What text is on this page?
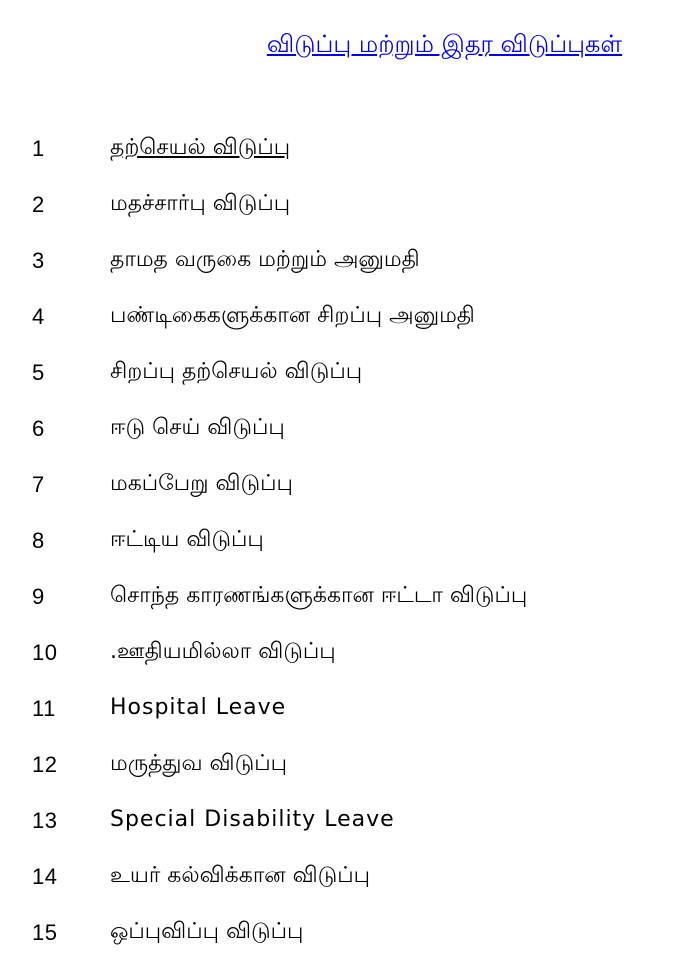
விடுப்பு மற்றும் இதர விடுப்புகள்
1	தற்செயல் விடுப்பு
2	மதச்சார்பு விடுப்பு
3	தாமத வருகை மற்றும் அனுமதி
4	பண்டிகைகளுக்கான சிறப்பு அனுமதி
5	சிறப்பு தற்செயல் விடுப்பு
6	ஈடு செய் விடுப்பு
7	மகப்பேறு விடுப்பு
8	ஈட்டிய விடுப்பு
9	சொந்த காரணங்களுக்கான ஈட்டா விடுப்பு
10 .ஊதியமில்லா விடுப்பு
11 Hospital Leave
12 மருத்துவ விடுப்பு
13 Special Disability Leave
14 உயர் கல்விக்கான விடுப்பு
15 ஒப்புவிப்பு விடுப்பு
